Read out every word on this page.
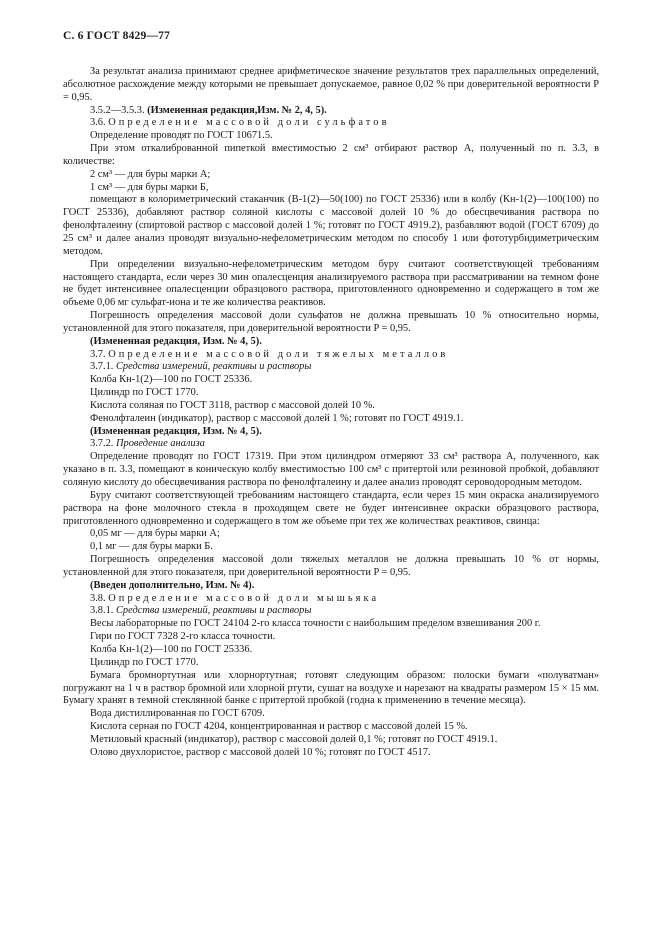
С. 6 ГОСТ 8429—77

За результат анализа принимают среднее арифметическое значение результатов трех параллельных определений, абсолютное расхождение между которыми не превышает допускаемое, равное 0,02 % при доверительной вероятности P = 0,95.

3.5.2—3.5.3. (Измененная редакция,Изм. № 2, 4, 5).

3.6. Определение массовой доли сульфатов

Определение проводят по ГОСТ 10671.5.

При этом откалиброванной пипеткой вместимостью 2 см³ отбирают раствор А, полученный по п. 3.3, в количестве:

2 см³ — для буры марки А;

1 см³ — для буры марки Б,

помещают в колориметрический стаканчик (В-1(2)—50(100) по ГОСТ 25336) или в колбу (Кн-1(2)—100(100) по ГОСТ 25336), добавляют раствор соляной кислоты с массовой долей 10 % до обесцвечивания раствора по фенолфталеину (спиртовой раствор с массовой долей 1 %; готовят по ГОСТ 4919.2), разбавляют водой (ГОСТ 6709) до 25 см³ и далее анализ проводят визуально-нефелометрическим методом по способу 1 или фототурбидиметрическим методом.

При определении визуально-нефелометрическим методом буру считают соответствующей требованиям настоящего стандарта, если через 30 мин опалесценция анализируемого раствора при рассматривании на темном фоне не будет интенсивнее опалесценции образцового раствора, приготовленного одновременно и содержащего в том же объеме 0,06 мг сульфат-иона и те же количества реактивов.

Погрешность определения массовой доли сульфатов не должна превышать 10 % относительно нормы, установленной для этого показателя, при доверительной вероятности P = 0,95.

(Измененная редакция, Изм. № 4, 5).

3.7. Определение массовой доли тяжелых металлов

3.7.1. Средства измерений, реактивы и растворы

Колба Кн-1(2)—100 по ГОСТ 25336.

Цилиндр по ГОСТ 1770.

Кислота соляная по ГОСТ 3118, раствор с массовой долей 10 %.

Фенолфталеин (индикатор), раствор с массовой долей 1 %; готовят по ГОСТ 4919.1.

(Измененная редакция, Изм. № 4, 5).

3.7.2. Проведение анализа

Определение проводят по ГОСТ 17319. При этом цилиндром отмеряют 33 см³ раствора А, полученного, как указано в п. 3.3, помещают в коническую колбу вместимостью 100 см³ с притертой или резиновой пробкой, добавляют соляную кислоту до обесцвечивания раствора по фенолфталеину и далее анализ проводят сероводородным методом.

Буру считают соответствующей требованиям настоящего стандарта, если через 15 мин окраска анализируемого раствора на фоне молочного стекла в проходящем свете не будет интенсивнее окраски образцового раствора, приготовленного одновременно и содержащего в том же объеме при тех же количествах реактивов, свинца:

0,05 мг — для буры марки А;

0,1 мг — для буры марки Б.

Погрешность определения массовой доли тяжелых металлов не должна превышать 10 % от нормы, установленной для этого показателя, при доверительной вероятности P = 0,95.

(Введен дополнительно, Изм. № 4).

3.8. Определение массовой доли мышьяка

3.8.1. Средства измерений, реактивы и растворы

Весы лабораторные по ГОСТ 24104 2-го класса точности с наибольшим пределом взвешивания 200 г.

Гири по ГОСТ 7328 2-го класса точности.

Колба Кн-1(2)—100 по ГОСТ 25336.

Цилиндр по ГОСТ 1770.

Бумага бромнортутная или хлорнортутная; готовят следующим образом: полоски бумаги «полуватман» погружают на 1 ч в раствор бромной или хлорной ртути, сушат на воздухе и нарезают на квадраты размером 15 × 15 мм. Бумагу хранят в темной стеклянной банке с притертой пробкой (годна к применению в течение месяца).

Вода дистиллированная по ГОСТ 6709.

Кислота серная по ГОСТ 4204, концентрированная и раствор с массовой долей 15 %.

Метиловый красный (индикатор), раствор с массовой долей 0,1 %; готовят по ГОСТ 4919.1.

Олово двухлористое, раствор с массовой долей 10 %; готовят по ГОСТ 4517.
